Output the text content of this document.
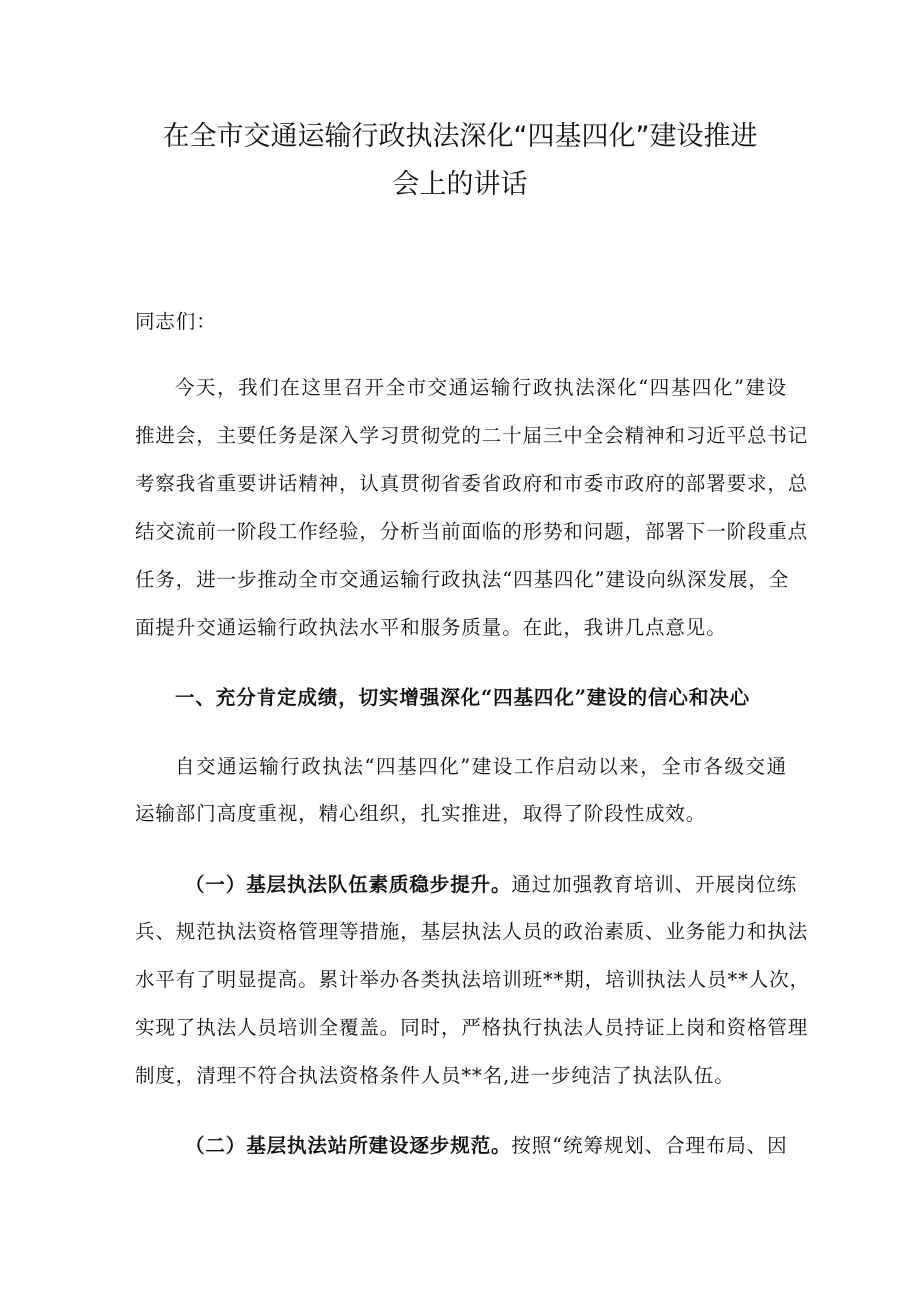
在全市交通运输行政执法深化“四基四化”建设推进
会上的讲话
同志们：
今天，我们在这里召开全市交通运输行政执法深化“四基四化”建设
推进会，主要任务是深入学习贯彻党的二十届三中全会精神和习近平总书记
考察我省重要讲话精神，认真贯彻省委省政府和市委市政府的部署要求，总
结交流前一阶段工作经验，分析当前面临的形势和问题，部署下一阶段重点
任务，进一步推动全市交通运输行政执法“四基四化”建设向纵深发展，全
面提升交通运输行政执法水平和服务质量。在此，我讲几点意见。
一、充分肯定成绩，切实增强深化“四基四化”建设的信心和决心
自交通运输行政执法“四基四化”建设工作启动以来，全市各级交通
运输部门高度重视，精心组织，扎实推进，取得了阶段性成效。
（一）基层执法队伍素质稳步提升。通过加强教育培训、开展岗位练
兵、规范执法资格管理等措施，基层执法人员的政治素质、业务能力和执法
水平有了明显提高。累计举办各类执法培训班**期，培训执法人员**人次，
实现了执法人员培训全覆盖。同时，严格执行执法人员持证上岗和资格管理
制度，清理不符合执法资格条件人员**名,进一步纯洁了执法队伍。
（二）基层执法站所建设逐步规范。按照“统筹规划、合理布局、因
